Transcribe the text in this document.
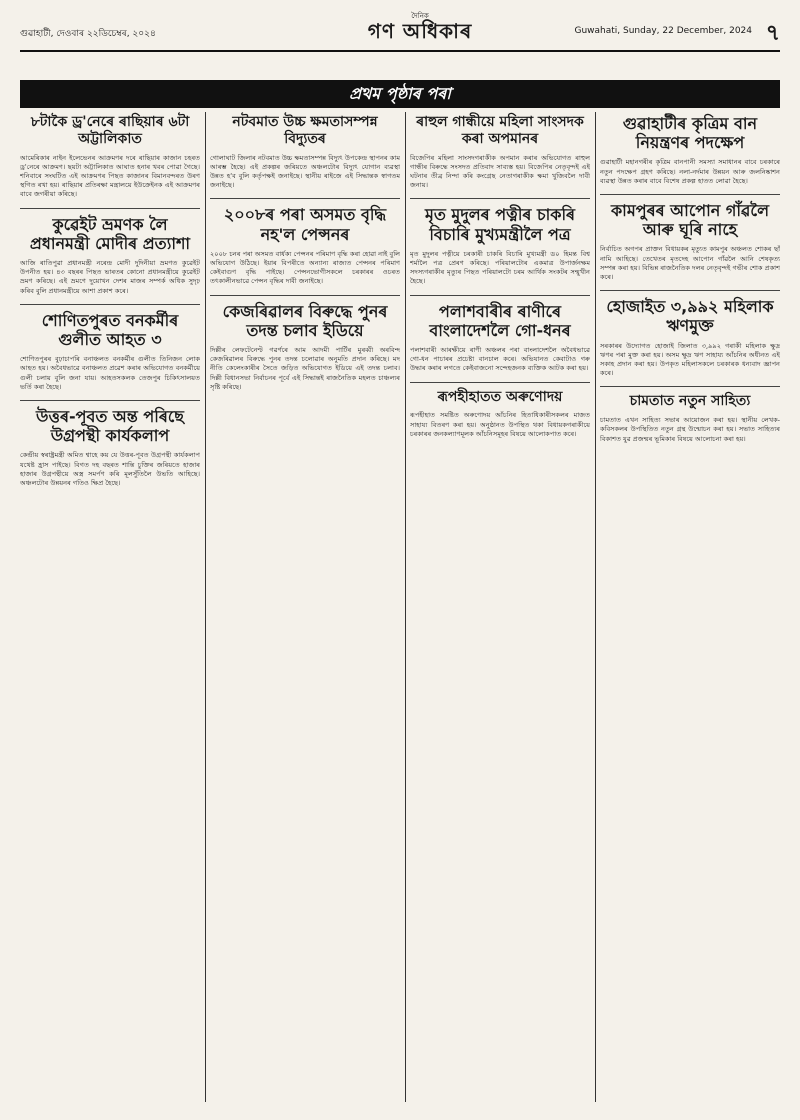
গুৱাহাটী, দেওবাৰ ২২ডিচেম্বৰ, ২০২৪
দৈনিক
গণ অধিকাৰ	Guwahati, Sunday, 22 December, 2024 ৭
প্ৰথম পৃষ্ঠাৰ পৰা
৮টাকৈ ড্ৰ'নেৰে ৰাছিয়াৰ ৬টা অট্টালিকাত

আমেৰিকাৰ নাইন ইলেভেনৰ আক্ৰমণৰ দৰে ৰাছিয়াৰ কাজান চহৰত ড্ৰ'নেৰে আক্ৰমণ। ছয়টা অট্টালিকাত আঘাত হনাৰ খবৰ পোৱা গৈছে। শনিবাৰে সংঘটিত এই আক্ৰমণৰ পিছত কাজানৰ বিমানবন্দৰত উৰণ স্থগিত ৰখা হয়। ৰাছিয়াৰ প্ৰতিৰক্ষা মন্ত্ৰালয়ে ইউক্ৰেইনক এই আক্ৰমণৰ বাবে জগৰীয়া কৰিছে।

কুৱেইট ভ্ৰমণক লৈ প্ৰধানমন্ত্ৰী মোদীৰ প্ৰত্যাশা

আজি ৰাতিপুৱা প্ৰধানমন্ত্ৰী নৰেন্দ্ৰ মোদী দুদিনীয়া ভ্ৰমণত কুৱেইট উপনীত হয়। ৪৩ বছৰৰ পিছত ভাৰতৰ কোনো প্ৰধানমন্ত্ৰীয়ে কুৱেইট ভ্ৰমণ কৰিছে। এই ভ্ৰমণে দুয়োখন দেশৰ মাজৰ সম্পৰ্ক অধিক সুদৃঢ় কৰিব বুলি প্ৰধানমন্ত্ৰীয়ে আশা প্ৰকাশ কৰে।

শোণিতপুৰত বনকৰ্মীৰ গুলীত আহত ৩

শোণিতপুৰৰ বুঢ়াচাপৰি বনাঞ্চলত বনকৰ্মীৰ গুলীত তিনিজন লোক আহত হয়। অবৈধভাৱে বনাঞ্চলত প্ৰৱেশ কৰাৰ অভিযোগত বনকৰ্মীয়ে গুলী চলায় বুলি জনা যায়। আহতসকলক তেজপুৰ চিকিৎসালয়ত ভৰ্তি কৰা হৈছে।

উত্তৰ-পূবত অন্ত পৰিছে উগ্ৰপন্থী কাৰ্যকলাপ

কেন্দ্ৰীয় স্বৰাষ্ট্ৰমন্ত্ৰী অমিত শ্বাহে কয় যে উত্তৰ-পূবত উগ্ৰপন্থী কাৰ্যকলাপ যথেষ্ট হ্ৰাস পাইছে। বিগত দহ বছৰত শান্তি চুক্তিৰ জৰিয়তে হাজাৰ হাজাৰ উগ্ৰপন্থীয়ে অস্ত্ৰ সমৰ্পণ কৰি মূলসুঁতিলৈ উভতি আহিছে। অঞ্চলটোৰ উন্নয়নৰ গতিও ক্ষিপ্ৰ হৈছে।

নটবমাত উচ্চ ক্ষমতাসম্পন্ন বিদ্যুতৰ

গোলাঘাট জিলাৰ নটবমাত উচ্চ ক্ষমতাসম্পন্ন বিদ্যুৎ উপকেন্দ্ৰ স্থাপনৰ কাম আৰম্ভ হৈছে। এই প্ৰকল্পৰ জৰিয়তে অঞ্চলটোৰ বিদ্যুৎ যোগান ব্যৱস্থা উন্নত হ'ব বুলি কৰ্তৃপক্ষই জনাইছে। স্থানীয় ৰাইজে এই সিদ্ধান্তক স্বাগতম জনাইছে।

২০০৮ৰ পৰা অসমত বৃদ্ধি নহ'ল পেন্সনৰ

২০০৮ চনৰ পৰা অসমত বাৰ্ধক্য পেন্সনৰ পৰিমাণ বৃদ্ধি কৰা হোৱা নাই বুলি অভিযোগ উঠিছে। ইয়াৰ বিপৰীতে অন্যান্য ৰাজ্যত পেন্সনৰ পৰিমাণ কেইবাগুণ বৃদ্ধি পাইছে। পেন্সনভোগীসকলে চৰকাৰৰ ওচৰত তৎকালীনভাৱে পেন্সন বৃদ্ধিৰ দাবী জনাইছে।

কেজৰিৱালৰ বিৰুদ্ধে পুনৰ তদন্ত চলাব ইডিয়ে

দিল্লীৰ লেফটেনেণ্ট গৱৰ্ণৰে আম আদমী পাৰ্টিৰ মুৰব্বী অৰবিন্দ কেজৰিৱালৰ বিৰুদ্ধে পুনৰ তদন্ত চলোৱাৰ অনুমতি প্ৰদান কৰিছে। মদ নীতি কেলেংকাৰীৰ সৈতে জড়িত অভিযোগত ইডিয়ে এই তদন্ত চলাব। দিল্লী বিধানসভা নিৰ্বাচনৰ পূৰ্বে এই সিদ্ধান্তই ৰাজনৈতিক মহলত চাঞ্চল্যৰ সৃষ্টি কৰিছে।

ৰাহুল গান্ধীয়ে মহিলা সাংসদক কৰা অপমানৰ

বিজেপিৰ মহিলা সাংসদগৰাকীক অপমান কৰাৰ অভিযোগত ৰাহুল গান্ধীৰ বিৰুদ্ধে সংসদত প্ৰতিবাদ সাব্যস্ত হয়। বিজেপিৰ নেতৃবৃন্দই এই ঘটনাৰ তীব্ৰ নিন্দা কৰি কংগ্ৰেছ নেতাগৰাকীক ক্ষমা খুজিবলৈ দাবী জনায়।

মৃত মুদুলৰ পত্নীৰ চাকৰি বিচাৰি মুখ্যমন্ত্ৰীলৈ পত্ৰ

মৃত মুদুলৰ পত্নীয়ে চৰকাৰী চাকৰি বিচাৰি মুখ্যমন্ত্ৰী ড০ হিমন্ত বিশ্ব শৰ্মালৈ পত্ৰ প্ৰেৰণ কৰিছে। পৰিয়ালটোৰ একমাত্ৰ উপাৰ্জনক্ষম সদস্যগৰাকীৰ মৃত্যুৰ পিছত পৰিয়ালটো চৰম আৰ্থিক সংকটৰ সন্মুখীন হৈছে।

পলাশবাৰীৰ ৰাণীৰে বাংলাদেশলৈ গো-ধনৰ

পলাশবাৰী আৰক্ষীয়ে ৰাণী অঞ্চলৰ পৰা বাংলাদেশলৈ অবৈধভাৱে গো-ধন পাচাৰৰ প্ৰচেষ্টা বানচাল কৰে। অভিযানত কেবাটাও গৰু উদ্ধাৰ কৰাৰ লগতে কেইবাজনো সন্দেহজনক ব্যক্তিক আটক কৰা হয়।

ৰূপহীহাতত অৰুণোদয়

ৰূপহীহাত সমষ্টিত অৰুণোদয় আঁচনিৰ হিতাধিকাৰীসকলৰ মাজত সাহায্য বিতৰণ কৰা হয়। অনুষ্ঠানত উপস্থিত থকা বিধায়কগৰাকীয়ে চৰকাৰৰ জনকল্যাণমূলক আঁচনিসমূহৰ বিষয়ে আলোকপাত কৰে।

গুৱাহাটীৰ কৃত্ৰিম বান নিয়ন্ত্ৰণৰ পদক্ষেপ

গুৱাহাটী মহানগৰীৰ কৃত্ৰিম বানপানী সমস্যা সমাধানৰ বাবে চৰকাৰে নতুন পদক্ষেপ গ্ৰহণ কৰিছে। নলা-নৰ্দমাৰ উন্নয়ন আৰু জলনিষ্কাশন ব্যৱস্থা উন্নত কৰাৰ বাবে বিশেষ প্ৰকল্প হাতত লোৱা হৈছে।

কামপুৰৰ আপোন গাঁৱলৈ আৰু ঘূৰি নাহে

নিৰ্বাচিত অগপৰ প্ৰাক্তন বিধায়কৰ মৃত্যুত কামপুৰ অঞ্চলত শোকৰ ছাঁ নামি আহিছে। তেখেতৰ মৃতদেহ আপোন গাঁৱলৈ আনি শেষকৃত্য সম্পন্ন কৰা হয়। বিভিন্ন ৰাজনৈতিক দলৰ নেতৃবৃন্দই গভীৰ শোক প্ৰকাশ কৰে।

হোজাইত ৩,৯৯২ মহিলাক ঋণমুক্ত

সৰকাৰৰ উদ্যোগত হোজাই জিলাত ৩,৯৯২ গৰাকী মহিলাক ক্ষুদ্ৰ ঋণৰ পৰা মুক্ত কৰা হয়। অসম ক্ষুদ্ৰ ঋণ সাহায্য আঁচনিৰ অধীনত এই সকাহ প্ৰদান কৰা হয়। উপকৃত মহিলাসকলে চৰকাৰক ধন্যবাদ জ্ঞাপন কৰে।

চামতাত নতুন সাহিত্য

চামতাত এখন সাহিত্য সভাৰ আয়োজন কৰা হয়। স্থানীয় লেখক-কবিসকলৰ উপস্থিতিত নতুন গ্ৰন্থ উন্মোচন কৰা হয়। সভাত সাহিত্যৰ বিকাশত যুৱ প্ৰজন্মৰ ভূমিকাৰ বিষয়ে আলোচনা কৰা হয়।
